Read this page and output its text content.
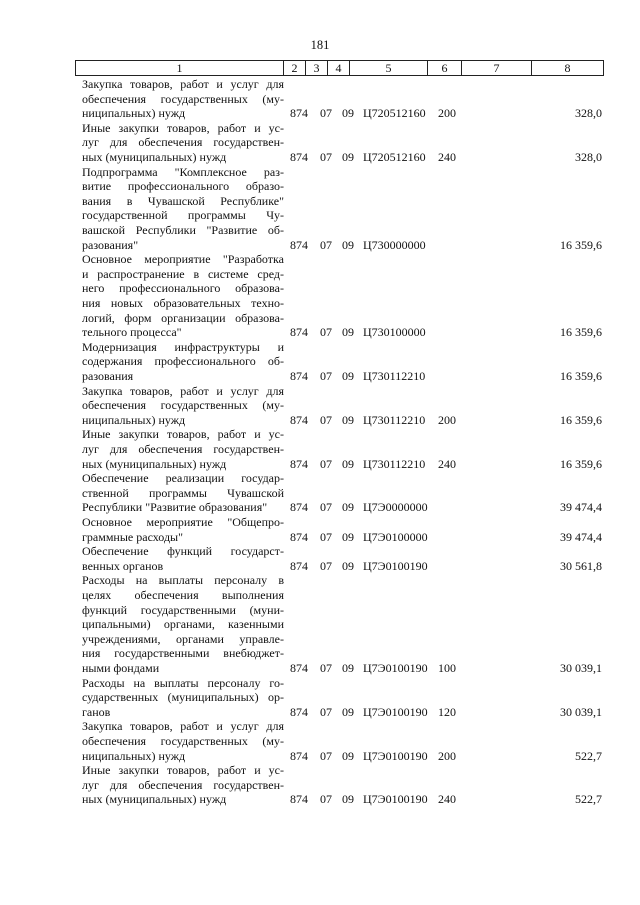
181
1	2	3	4	5	6	7	8
Закупка товаров, работ и услуг для
обеспечения государственных (му-
ниципальных) нужд	874 07 09 Ц720512160 200	328,0
Иные закупки товаров, работ и ус-
луг для обеспечения государствен-
ных (муниципальных) нужд	874 07 09 Ц720512160 240	328,0
Подпрограмма "Комплексное раз-
витие профессионального образо-
вания в Чувашской Республике"
государственной программы Чу-
вашской Республики "Развитие об-
разования"	874 07 09 Ц730000000	16 359,6
Основное мероприятие "Разработка
и распространение в системе сред-
него профессионального образова-
ния новых образовательных техно-
логий, форм организации образова-
тельного процесса"	874 07 09 Ц730100000	16 359,6
Модернизация инфраструктуры и
содержания профессионального об-
разования	874 07 09 Ц730112210	16 359,6
Закупка товаров, работ и услуг для
обеспечения государственных (му-
ниципальных) нужд	874 07 09 Ц730112210 200	16 359,6
Иные закупки товаров, работ и ус-
луг для обеспечения государствен-
ных (муниципальных) нужд	874 07 09 Ц730112210 240	16 359,6
Обеспечение реализации государ-
ственной программы Чувашской
Республики "Развитие образования"	874 07 09 Ц7Э0000000	39 474,4
Основное мероприятие "Общепро-
граммные расходы"	874 07 09 Ц7Э0100000	39 474,4
Обеспечение функций государст-
венных органов	874 07 09 Ц7Э0100190	30 561,8
Расходы на выплаты персоналу в
целях обеспечения выполнения
функций государственными (муни-
ципальными) органами, казенными
учреждениями, органами управле-
ния государственными внебюджет-
ными фондами	874 07 09 Ц7Э0100190 100	30 039,1
Расходы на выплаты персоналу го-
сударственных (муниципальных) ор-
ганов	874 07 09 Ц7Э0100190 120	30 039,1
Закупка товаров, работ и услуг для
обеспечения государственных (му-
ниципальных) нужд	874 07 09 Ц7Э0100190 200	522,7
Иные закупки товаров, работ и ус-
луг для обеспечения государствен-
ных (муниципальных) нужд	874 07 09 Ц7Э0100190 240	522,7
